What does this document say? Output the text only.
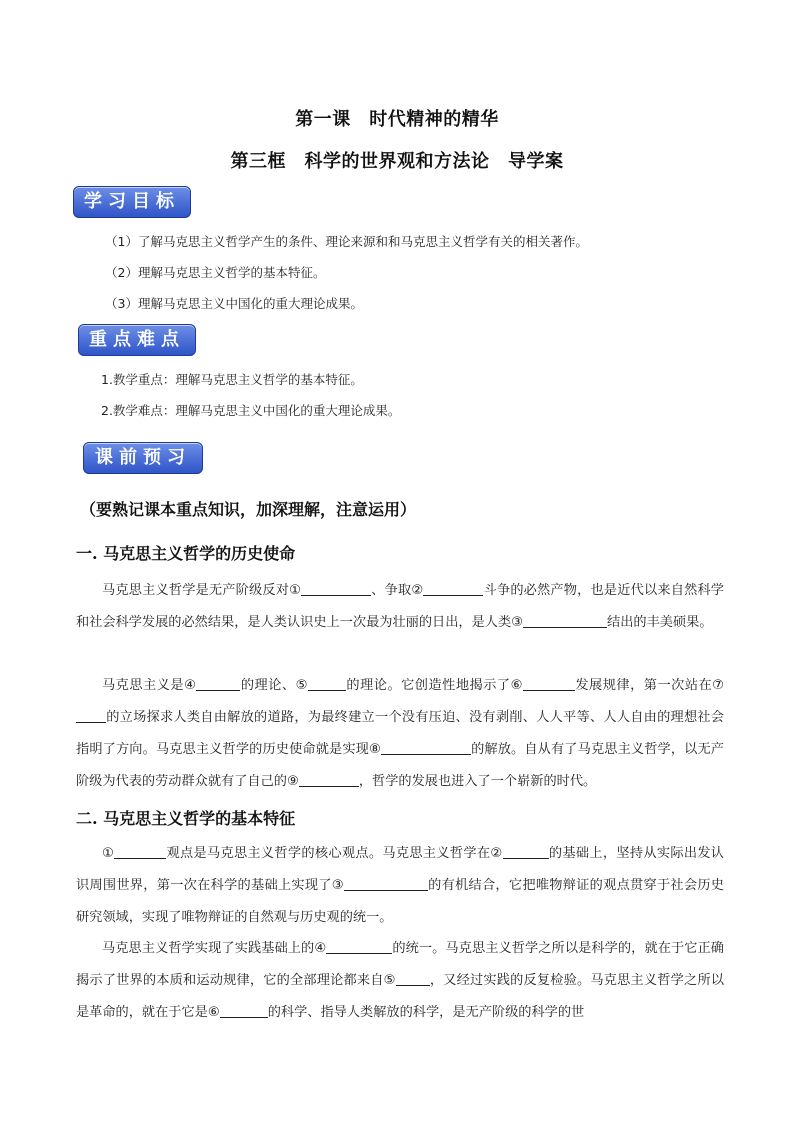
第一课　时代精神的精华
第三框　科学的世界观和方法论　导学案
学习目标
（1）了解马克思主义哲学产生的条件、理论来源和和马克思主义哲学有关的相关著作。
（2）理解马克思主义哲学的基本特征。
（3）理解马克思主义中国化的重大理论成果。
重点难点
1.教学重点：理解马克思主义哲学的基本特征。
2.教学难点：理解马克思主义中国化的重大理论成果。
课前预习
（要熟记课本重点知识，加深理解，注意运用）
一. 马克思主义哲学的历史使命
马克思主义哲学是无产阶级反对①	、争取②	斗争的必然产物，也是近代以来自然科学和社会科学发展的必然结果，是人类认识史上一次最为壮丽的日出，是人类③	结出的丰美硕果。
马克思主义是④	的理论、⑤	的理论。它创造性地揭示了⑥	发展规律，第一次站在⑦的立场探求人类自由解放的道路，为最终建立一个没有压迫、没有剥削、人人平等、人人自由的理想社会指明了方向。马克思主义哲学的历史使命就是实现⑧	的解放。自从有了马克思主义哲学，以无产阶级为代表的劳动群众就有了自己的⑨	，哲学的发展也进入了一个崭新的时代。
二. 马克思主义哲学的基本特征
①	观点是马克思主义哲学的核心观点。马克思主义哲学在②	的基础上，坚持从实际出发认识周围世界，第一次在科学的基础上实现了③	的有机结合，它把唯物辩证的观点贯穿于社会历史研究领域，实现了唯物辩证的自然观与历史观的统一。
马克思主义哲学实现了实践基础上的④	的统一。马克思主义哲学之所以是科学的，就在于它正确揭示了世界的本质和运动规律，它的全部理论都来自⑤	，又经过实践的反复检验。马克思主义哲学之所以是革命的，就在于它是⑥	的科学、指导人类解放的科学，是无产阶级的科学的世
